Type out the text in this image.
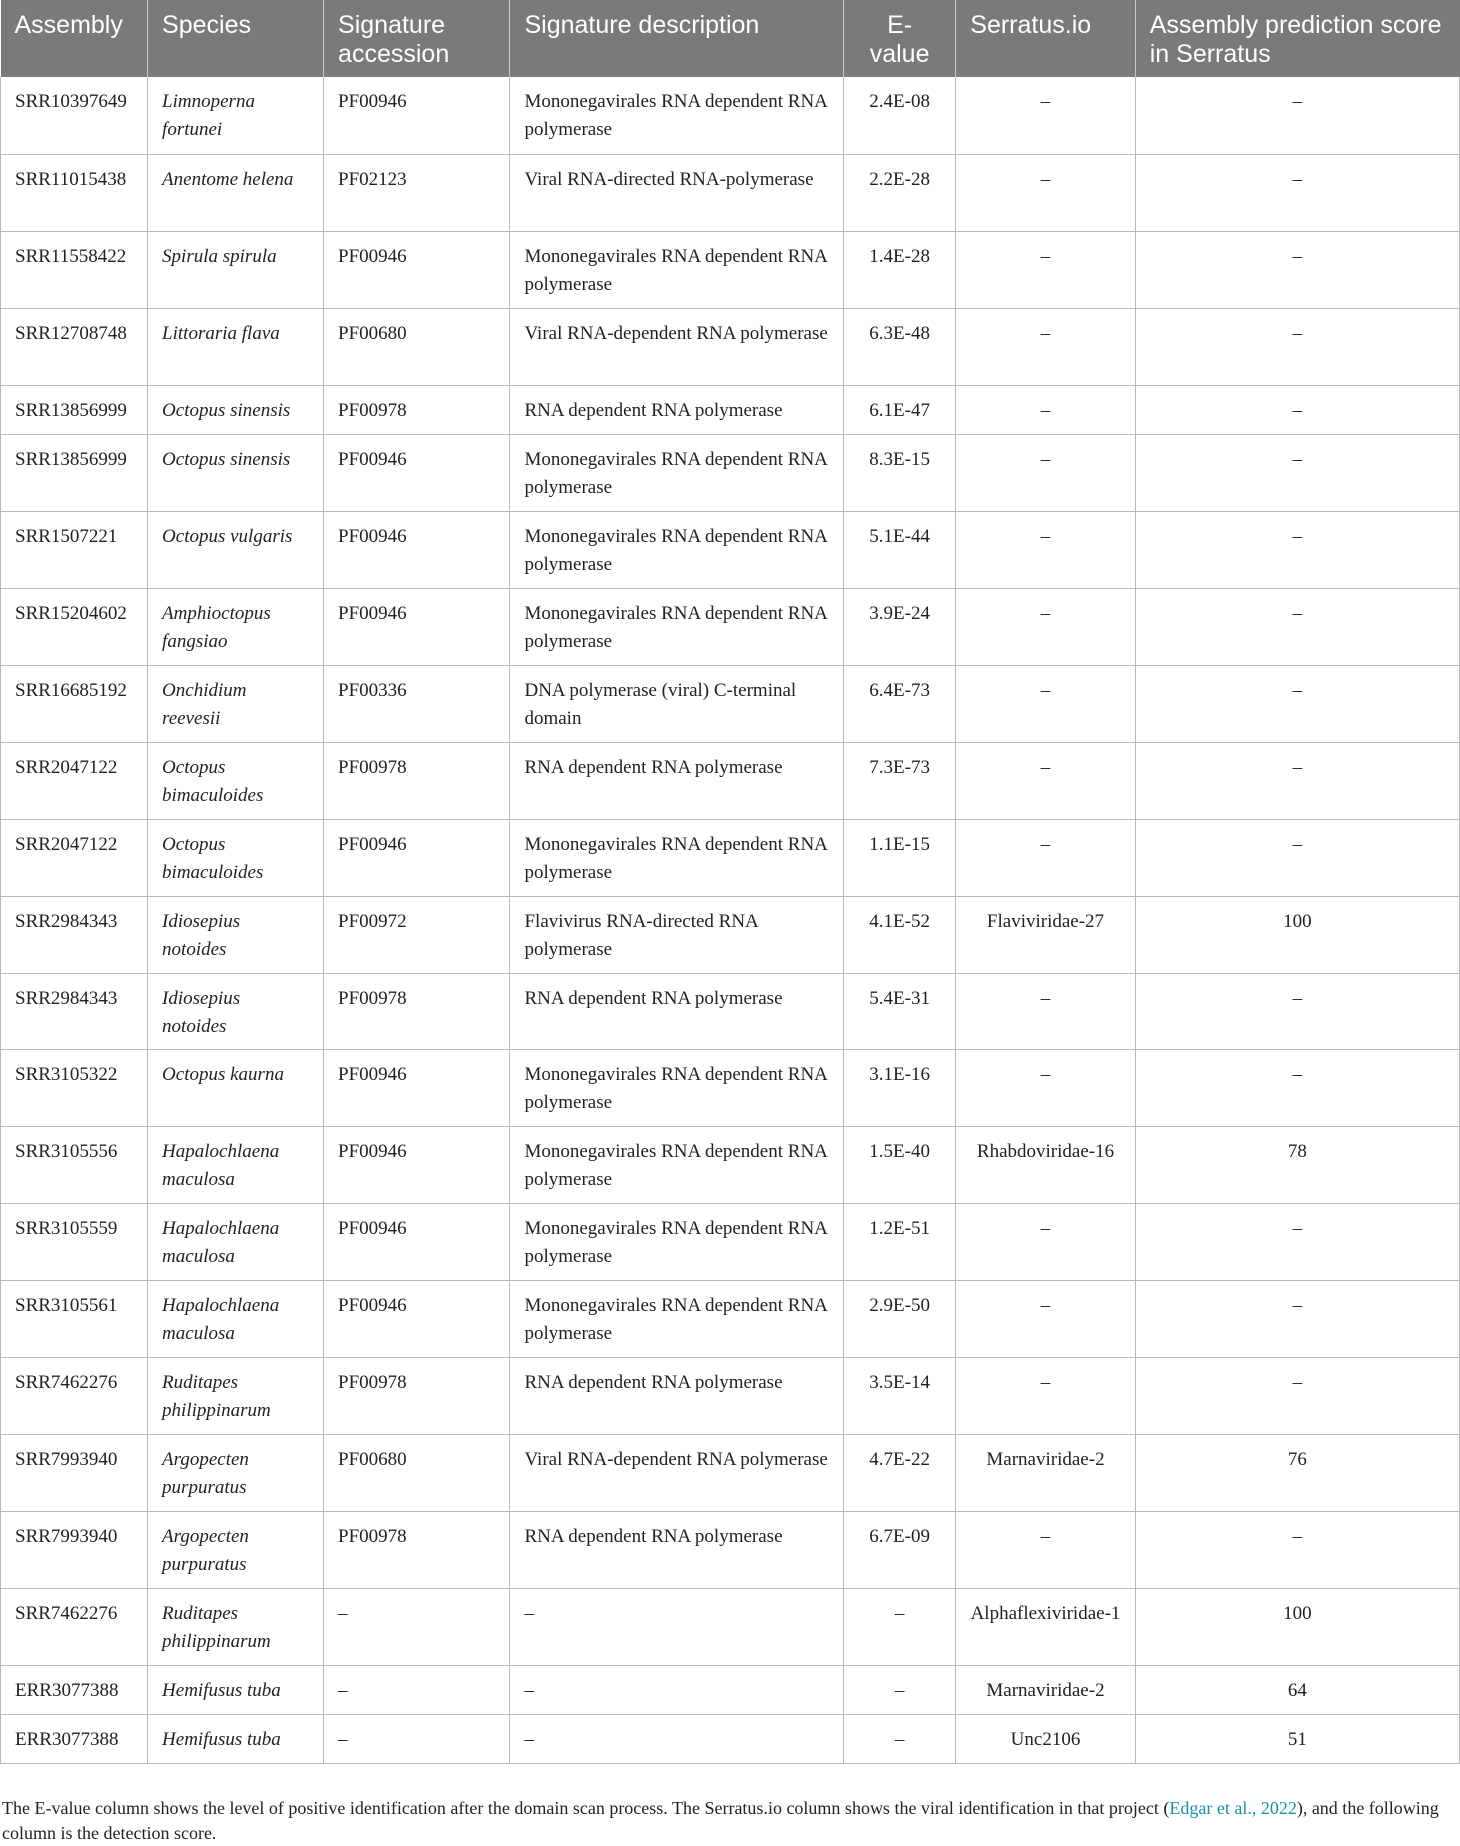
Assembly	Species	Signature accession	Signature description	E-value	Serratus.io	Assembly prediction score in Serratus
SRR10397649	Limnoperna fortunei	PF00946	Mononegavirales RNA dependent RNA polymerase	2.4E-08	–	–
SRR11015438	Anentome helena	PF02123	Viral RNA-directed RNA-polymerase	2.2E-28	–	–
SRR11558422	Spirula spirula	PF00946	Mononegavirales RNA dependent RNA polymerase	1.4E-28	–	–
SRR12708748	Littoraria flava	PF00680	Viral RNA-dependent RNA polymerase	6.3E-48	–	–
SRR13856999	Octopus sinensis	PF00978	RNA dependent RNA polymerase	6.1E-47	–	–
SRR13856999	Octopus sinensis	PF00946	Mononegavirales RNA dependent RNA polymerase	8.3E-15	–	–
SRR1507221	Octopus vulgaris	PF00946	Mononegavirales RNA dependent RNA polymerase	5.1E-44	–	–
SRR15204602	Amphioctopus fangsiao	PF00946	Mononegavirales RNA dependent RNA polymerase	3.9E-24	–	–
SRR16685192	Onchidium reevesii	PF00336	DNA polymerase (viral) C-terminal domain	6.4E-73	–	–
SRR2047122	Octopus bimaculoides	PF00978	RNA dependent RNA polymerase	7.3E-73	–	–
SRR2047122	Octopus bimaculoides	PF00946	Mononegavirales RNA dependent RNA polymerase	1.1E-15	–	–
SRR2984343	Idiosepius notoides	PF00972	Flavivirus RNA-directed RNA polymerase	4.1E-52	Flaviviridae-27	100
SRR2984343	Idiosepius notoides	PF00978	RNA dependent RNA polymerase	5.4E-31	–	–
SRR3105322	Octopus kaurna	PF00946	Mononegavirales RNA dependent RNA polymerase	3.1E-16	–	–
SRR3105556	Hapalochlaena maculosa	PF00946	Mononegavirales RNA dependent RNA polymerase	1.5E-40	Rhabdoviridae-16	78
SRR3105559	Hapalochlaena maculosa	PF00946	Mononegavirales RNA dependent RNA polymerase	1.2E-51	–	–
SRR3105561	Hapalochlaena maculosa	PF00946	Mononegavirales RNA dependent RNA polymerase	2.9E-50	–	–
SRR7462276	Ruditapes philippinarum	PF00978	RNA dependent RNA polymerase	3.5E-14	–	–
SRR7993940	Argopecten purpuratus	PF00680	Viral RNA-dependent RNA polymerase	4.7E-22	Marnaviridae-2	76
SRR7993940	Argopecten purpuratus	PF00978	RNA dependent RNA polymerase	6.7E-09	–	–
SRR7462276	Ruditapes philippinarum	–	–	–	Alphaflexiviridae-1	100
ERR3077388	Hemifusus tuba	–	–	–	Marnaviridae-2	64
ERR3077388	Hemifusus tuba	–	–	–	Unc2106	51
The E-value column shows the level of positive identification after the domain scan process. The Serratus.io column shows the viral identification in that project (Edgar et al., 2022), and the following column is the detection score.
